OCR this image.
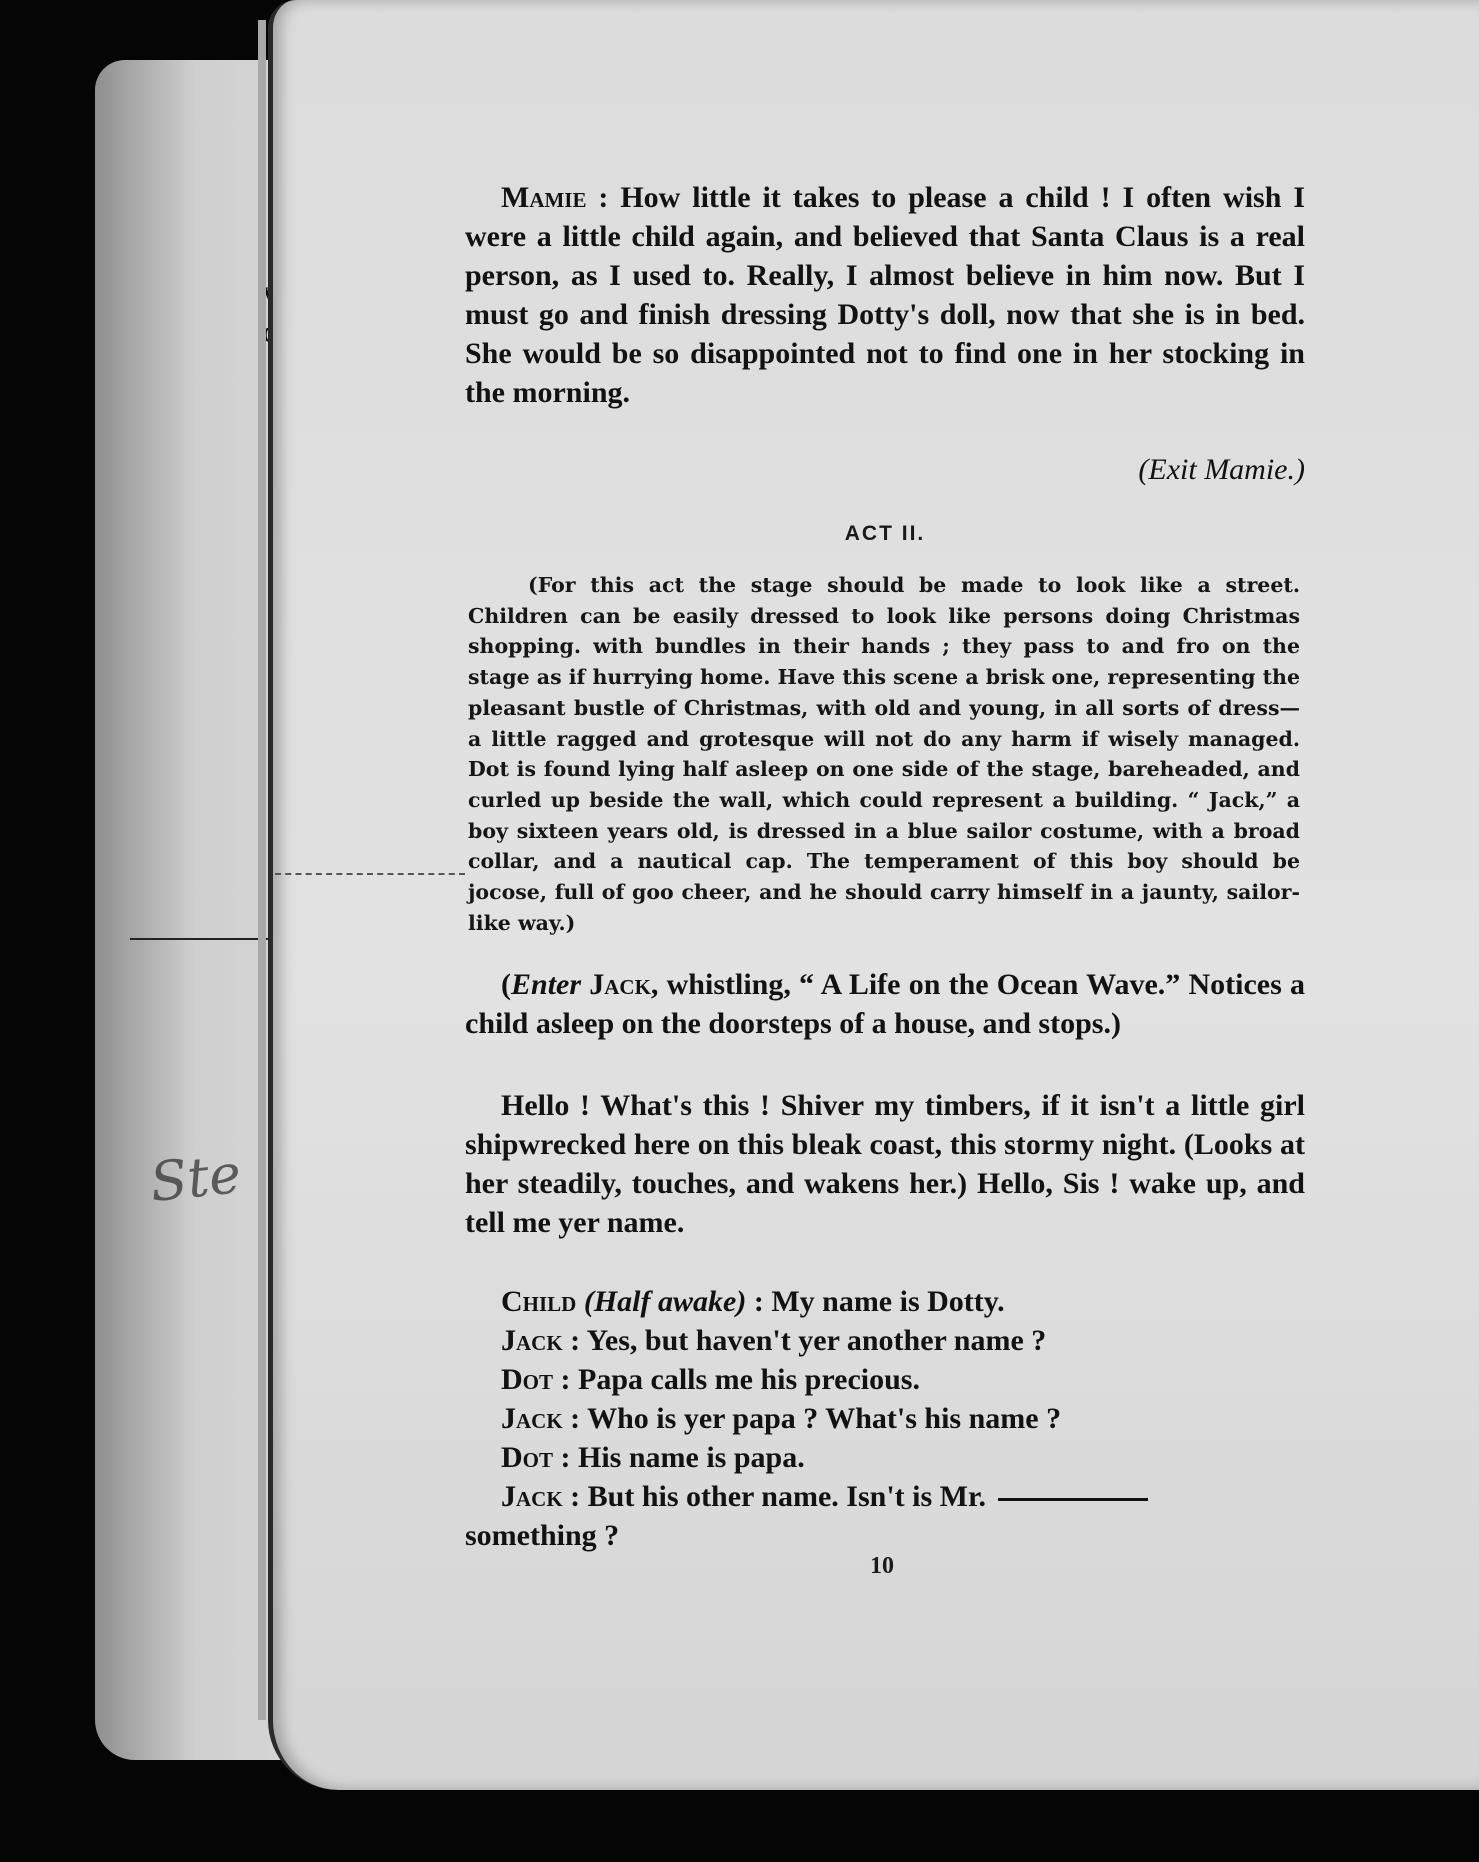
Ste

Mamie : How little it takes to please a child ! I often wish I were a little child again, and believed that Santa Claus is a real person, as I used to. Really, I almost believe in him now. But I must go and finish dressing Dotty's doll, now that she is in bed. She would be so disappointed not to find one in her stocking in the morning.

(Exit Mamie.)
ACT II.

(For this act the stage should be made to look like a street. Children can be easily dressed to look like persons doing Christmas shopping. with bundles in their hands ; they pass to and fro on the stage as if hurrying home. Have this scene a brisk one, representing the pleasant bustle of Christmas, with old and young, in all sorts of dress—a little ragged and grotesque will not do any harm if wisely managed. Dot is found lying half asleep on one side of the stage, bareheaded, and curled up beside the wall, which could represent a building. “ Jack,” a boy sixteen years old, is dressed in a blue sailor costume, with a broad collar, and a nautical cap. The temperament of this boy should be jocose, full of goo cheer, and he should carry himself in a jaunty, sailor-like way.)

(Enter Jack, whistling, “ A Life on the Ocean Wave.” Notices a child asleep on the doorsteps of a house, and stops.)

Hello ! What's this ! Shiver my timbers, if it isn't a little girl shipwrecked here on this bleak coast, this stormy night. (Looks at her steadily, touches, and wakens her.) Hello, Sis ! wake up, and tell me yer name.

Child (Half awake) : My name is Dotty.

Jack : Yes, but haven't yer another name ?

Dot : Papa calls me his precious.

Jack : Who is yer papa ? What's his name ?

Dot : His name is papa.

Jack : But his other name. Isn't is Mr.

something ?

10
